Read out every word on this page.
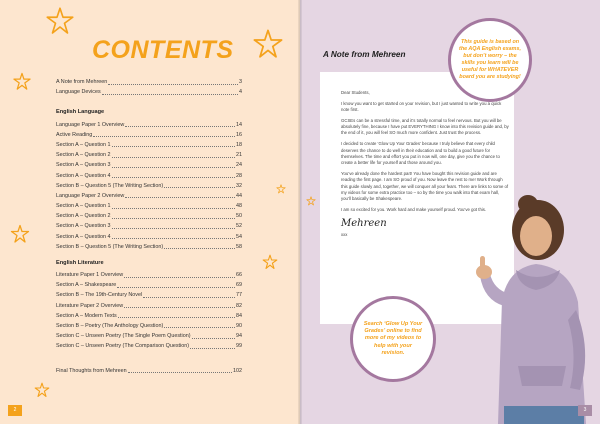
CONTENTS
A Note from Mehreen	3
Language Devices	4
English Language
Language Paper 1 Overview	14
Active Reading	16
Section A – Question 1	18
Section A – Question 2	21
Section A – Question 3	24
Section A – Question 4	28
Section B – Question 5 (The Writing Section)	32
Language Paper 2 Overview	44
Section A – Question 1	48
Section A – Question 2	50
Section A – Question 3	52
Section A – Question 4	54
Section B – Question 5 (The Writing Section)	58
English Literature
Literature Paper 1 Overview	66
Section A – Shakespeare	69
Section B – The 19th-Century Novel	77
Literature Paper 2 Overview	82
Section A – Modern Texts	84
Section B – Poetry (The Anthology Question)	90
Section C – Unseen Poetry (The Single Poem Question)	94
Section C – Unseen Poetry (The Comparison Question)	99
Final Thoughts from Mehreen	102
2
A Note from Mehreen

Dear Students,

I know you want to get started on your revision, but I just wanted to write you a quick note first.

GCSEs can be a stressful time, and it’s totally normal to feel nervous. But you will be absolutely fine, because I have put EVERYTHING I know into this revision guide and, by the end of it, you will feel SO much more confident. Just trust the process.

I decided to create ‘Glow Up Your Grades’ because I truly believe that every child deserves the chance to do well in their education and to build a good future for themselves. The time and effort you put in now will, one day, give you the chance to create a better life for yourself and those around you.

You’ve already done the hardest part! You have bought this revision guide and are reading the first page. I am SO proud of you. Now leave the rest to me! Work through this guide slowly and, together, we will conquer all your fears. There are links to some of my videos for some extra practice too – so by the time you walk into that exam hall, you’ll basically be Shakespeare.

I am so excited for you. Work hard and make yourself proud. You’ve got this.

Mehreen
xxx
This guide is based on the AQA English exams, but don’t worry – the skills you learn will be useful for WHATEVER board you are studying!
Search ‘Glow Up Your Grades’ online to find more of my videos to help with your revision.
3
